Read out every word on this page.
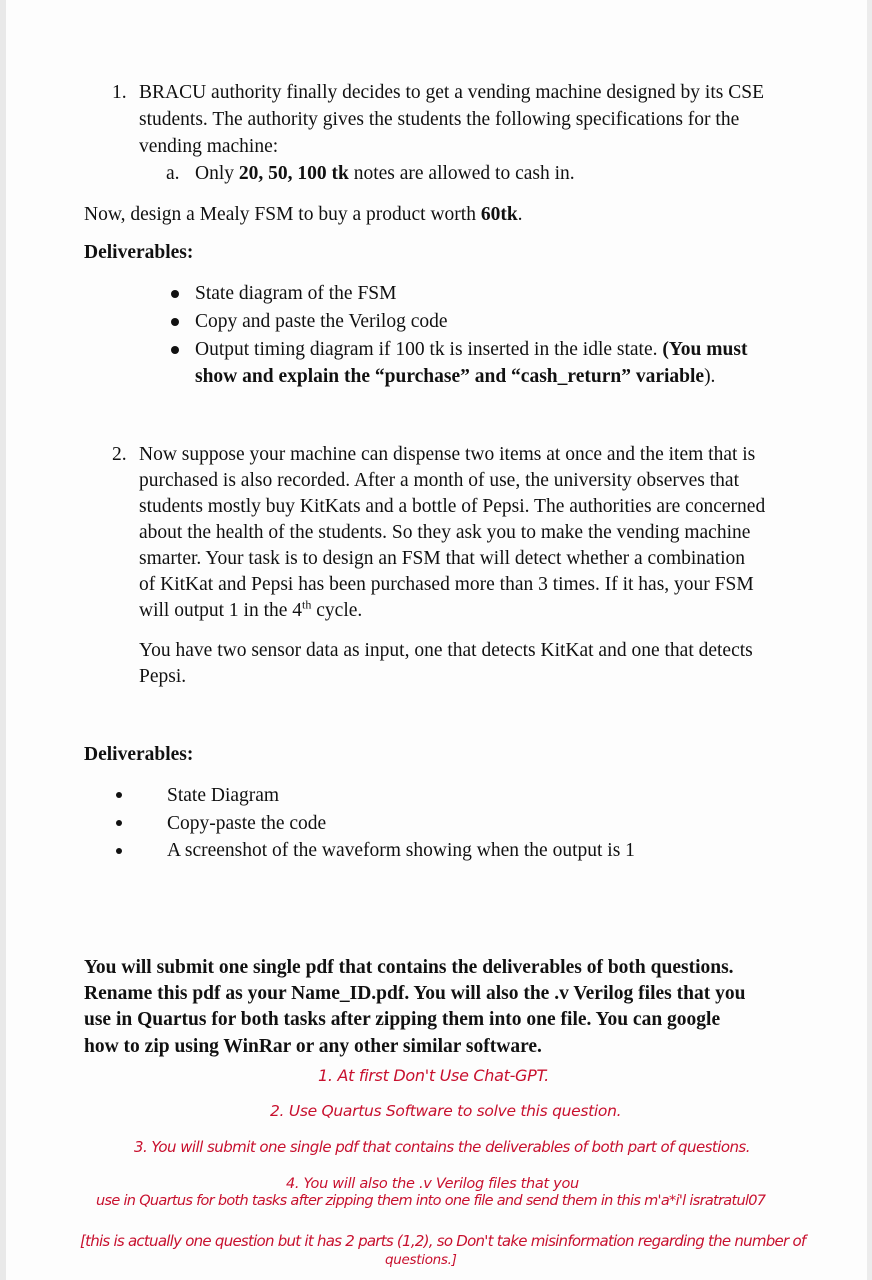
1. BRACU authority finally decides to get a vending machine designed by its CSE
students. The authority gives the students the following specifications for the
vending machine:
a. Only 20, 50, 100 tk notes are allowed to cash in.
Now, design a Mealy FSM to buy a product worth 60tk.
Deliverables:
State diagram of the FSM
Copy and paste the Verilog code
Output timing diagram if 100 tk is inserted in the idle state. (You must
show and explain the “purchase” and “cash_return” variable).
2. Now suppose your machine can dispense two items at once and the item that is
purchased is also recorded. After a month of use, the university observes that
students mostly buy KitKats and a bottle of Pepsi. The authorities are concerned
about the health of the students. So they ask you to make the vending machine
smarter. Your task is to design an FSM that will detect whether a combination
of KitKat and Pepsi has been purchased more than 3 times. If it has, your FSM
will output 1 in the 4th cycle.
You have two sensor data as input, one that detects KitKat and one that detects
Pepsi.
Deliverables:
State Diagram
Copy-paste the code
A screenshot of the waveform showing when the output is 1
You will submit one single pdf that contains the deliverables of both questions.
Rename this pdf as your Name_ID.pdf. You will also the .v Verilog files that you
use in Quartus for both tasks after zipping them into one file. You can google
how to zip using WinRar or any other similar software.
1. At first Don't Use Chat-GPT.
2. Use Quartus Software to solve this question.
3. You will submit one single pdf that contains the deliverables of both part of questions.
4. You will also the .v Verilog files that you
use in Quartus for both tasks after zipping them into one file and send them in this m'a*i'l isratratul07
[this is actually one question but it has 2 parts (1,2), so Don't take misinformation regarding the number of
questions.]
